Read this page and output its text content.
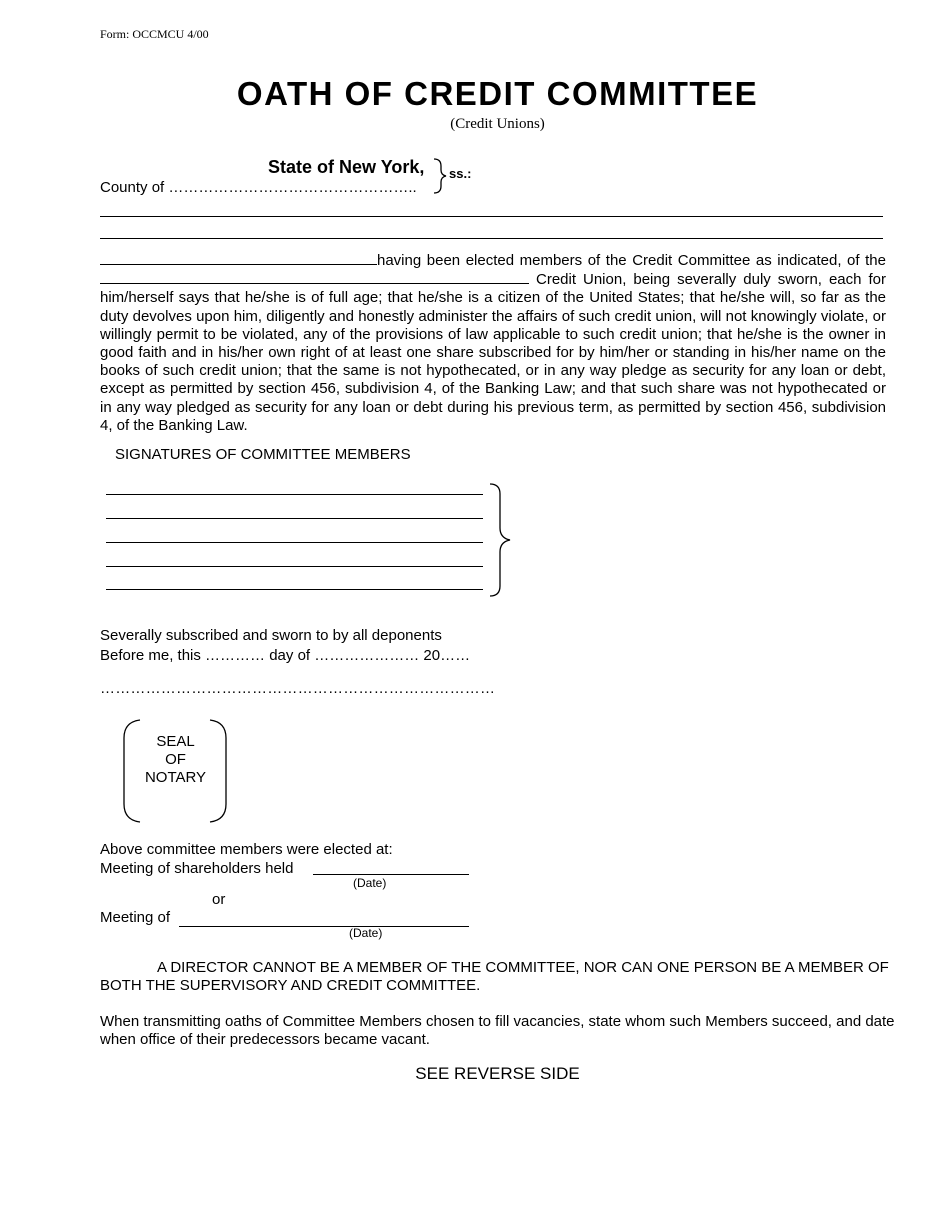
Form: OCCMCU 4/00
OATH OF CREDIT COMMITTEE
(Credit Unions)
State of New York,
County of …………………………………………..
ss.:
having been elected members of the Credit Committee as indicated, of the  Credit Union, being severally duly sworn, each for him/herself says that he/she is of full age; that he/she is a citizen of the United States; that he/she will, so far as the duty devolves upon him, diligently and honestly administer the affairs of such credit union, will not knowingly violate, or willingly permit to be violated, any of the provisions of law applicable to such credit union; that he/she is the owner in good faith and in his/her own right of at least one share subscribed for by him/her or standing in his/her name on the books of such credit union; that the same is not hypothecated, or in any way pledge as security for any loan or debt, except as permitted by section 456, subdivision 4, of the Banking Law; and that such share was not hypothecated or in any way pledged as security for any loan or debt during his previous term, as permitted by section 456, subdivision 4, of the Banking Law.
SIGNATURES OF COMMITTEE MEMBERS
Severally subscribed and sworn to by all deponents
Before me, this ………… day of ………………… 20……
……………………………………………………………………
SEAL
OF
NOTARY
Above committee members were elected at:
Meeting of shareholders held
(Date)
or
Meeting of
(Date)
A DIRECTOR CANNOT BE A MEMBER OF THE COMMITTEE, NOR CAN ONE PERSON BE A MEMBER OF BOTH THE SUPERVISORY AND CREDIT COMMITTEE.
When transmitting oaths of Committee Members chosen to fill vacancies, state whom such Members succeed, and date when office of their predecessors became vacant.
SEE REVERSE SIDE
